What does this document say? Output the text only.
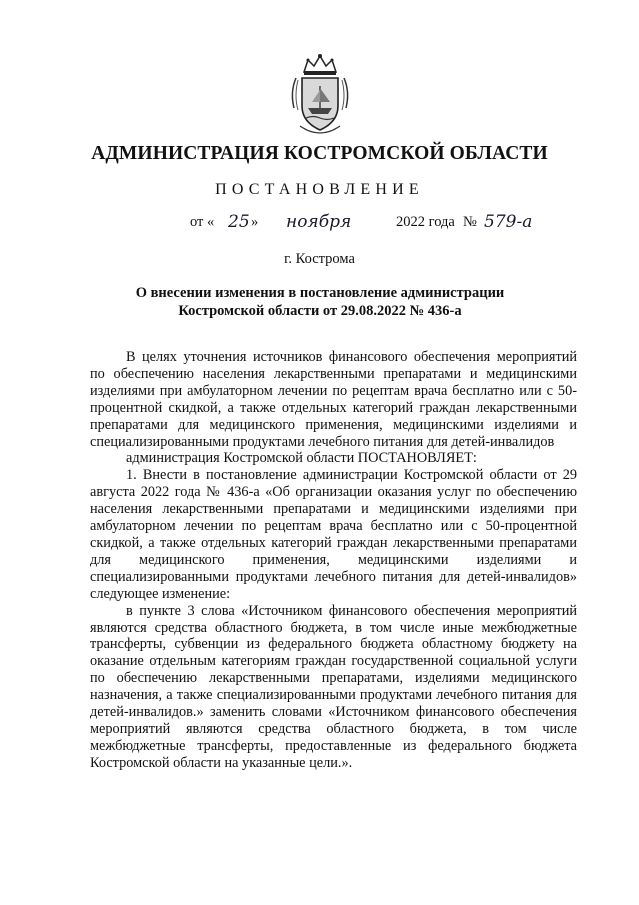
АДМИНИСТРАЦИЯ КОСТРОМСКОЙ ОБЛАСТИ
ПОСТАНОВЛЕНИЕ
от « 25 » ноября	2022 года № 579-а
г. Кострома
О внесении изменения в постановление администрации
Костромской области от 29.08.2022 № 436-а

В целях уточнения источников финансового обеспечения мероприятий по обеспечению населения лекарственными препаратами и медицинскими изделиями при амбулаторном лечении по рецептам врача бесплатно или с 50-процентной скидкой, а также отдельных категорий граждан лекарственными препаратами для медицинского применения, медицинскими изделиями и специализированными продуктами лечебного питания для детей-инвалидов

администрация Костромской области ПОСТАНОВЛЯЕТ:

1. Внести в постановление администрации Костромской области от 29 августа 2022 года № 436-а «Об организации оказания услуг по обеспечению населения лекарственными препаратами и медицинскими изделиями при амбулаторном лечении по рецептам врача бесплатно или с 50-процентной скидкой, а также отдельных категорий граждан лекарственными препаратами для медицинского применения, медицинскими изделиями и специализированными продуктами лечебного питания для детей-инвалидов» следующее изменение:

в пункте 3 слова «Источником финансового обеспечения мероприятий являются средства областного бюджета, в том числе иные межбюджетные трансферты, субвенции из федерального бюджета областному бюджету на оказание отдельным категориям граждан государственной социальной услуги по обеспечению лекарственными препаратами, изделиями медицинского назначения, а также специализированными продуктами лечебного питания для детей-инвалидов.» заменить словами «Источником финансового обеспечения мероприятий являются средства областного бюджета, в том числе межбюджетные трансферты, предоставленные из федерального бюджета Костромской области на указанные цели.».
